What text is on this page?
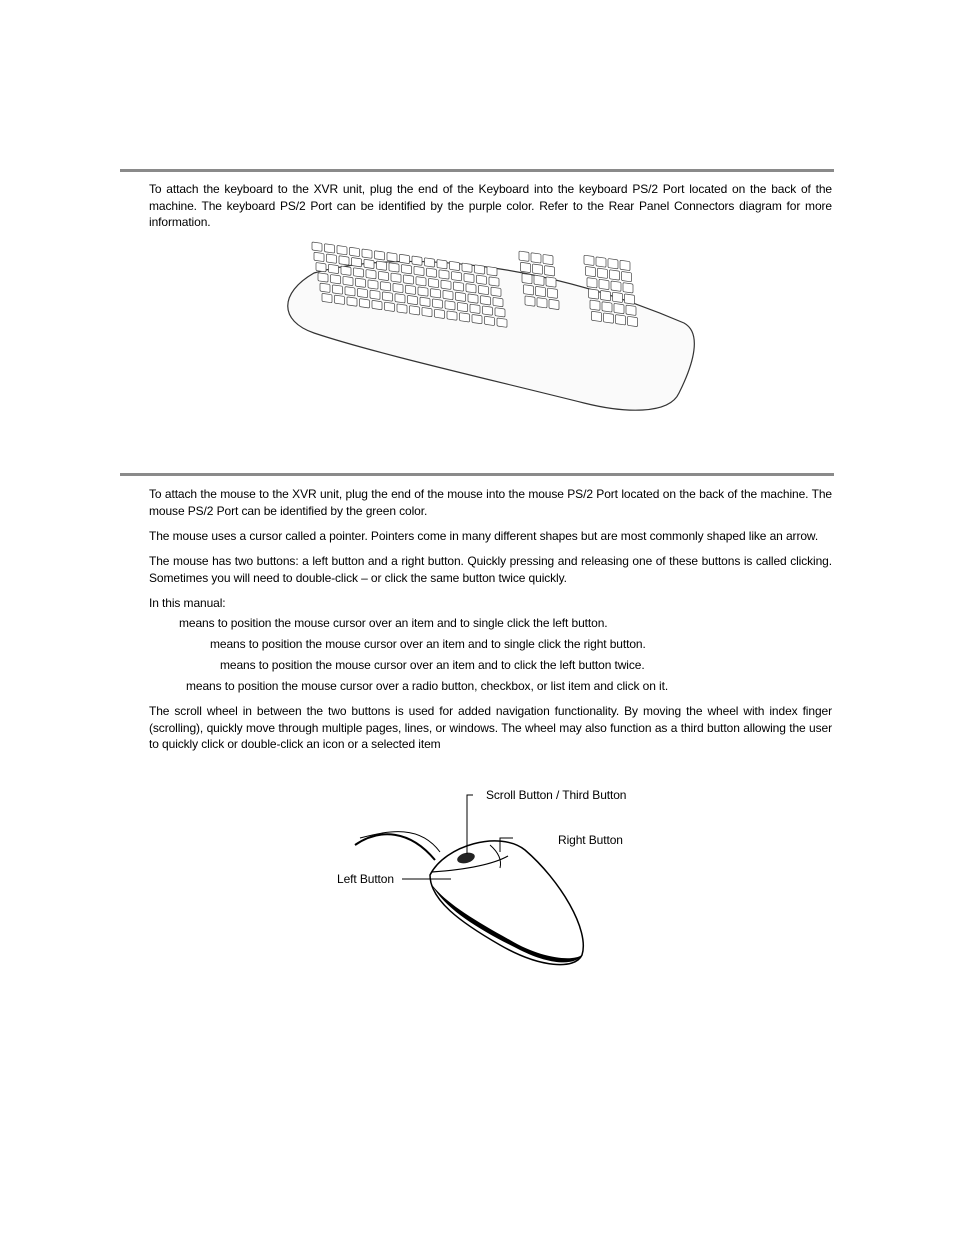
To attach the keyboard to the XVR unit, plug the end of the Keyboard into the keyboard PS/2 Port located on the back of the machine. The keyboard PS/2 Port can be identified by the purple color. Refer to the Rear Panel Connectors diagram for more information.
To attach the mouse to the XVR unit, plug the end of the mouse into the mouse PS/2 Port located on the back of the machine. The mouse PS/2 Port can be identified by the green color.
The mouse uses a cursor called a pointer. Pointers come in many different shapes but are most commonly shaped like an arrow.
The mouse has two buttons: a left button and a right button. Quickly pressing and releasing one of these buttons is called clicking. Sometimes you will need to double-click – or click the same button twice quickly.
In this manual:
means to position the mouse cursor over an item and to single click the left button.
means to position the mouse cursor over an item and to single click the right button.
means to position the mouse cursor over an item and to click the left button twice.
means to position the mouse cursor over a radio button, checkbox, or list item and click on it.
The scroll wheel in between the two buttons is used for added navigation functionality. By moving the wheel with index finger (scrolling), quickly move through multiple pages, lines, or windows. The wheel may also function as a third button allowing the user to quickly click or double-click an icon or a selected item
Scroll Button / Third Button
Right Button
Left Button
